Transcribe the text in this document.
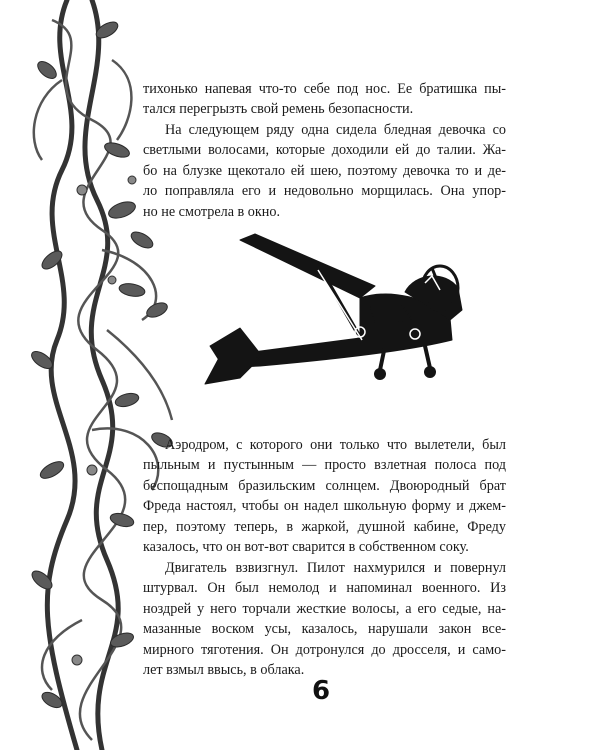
тихонько напевая что-то себе под нос. Ее братишка пы-
тался перегрызть свой ремень безопасности.
На следующем ряду одна сидела бледная девочка со
светлыми волосами, которые доходили ей до талии. Жа-
бо на блузке щекотало ей шею, поэтому девочка то и де-
ло поправляла его и недовольно морщилась. Она упор-
но не смотрела в окно.
Аэродром, с которого они только что вылетели, был
пыльным и пустынным — просто взлетная полоса под
беспощадным бразильским солнцем. Двоюродный брат
Фреда настоял, чтобы он надел школьную форму и джем-
пер, поэтому теперь, в жаркой, душной кабине, Фреду
казалось, что он вот-вот сварится в собственном соку.
Двигатель взвизгнул. Пилот нахмурился и повернул
штурвал. Он был немолод и напоминал военного. Из
ноздрей у него торчали жесткие волосы, а его седые, на-
мазанные воском усы, казалось, нарушали закон все-
мирного тяготения. Он дотронулся до дросселя, и само-
лет взмыл ввысь, в облака.
6
